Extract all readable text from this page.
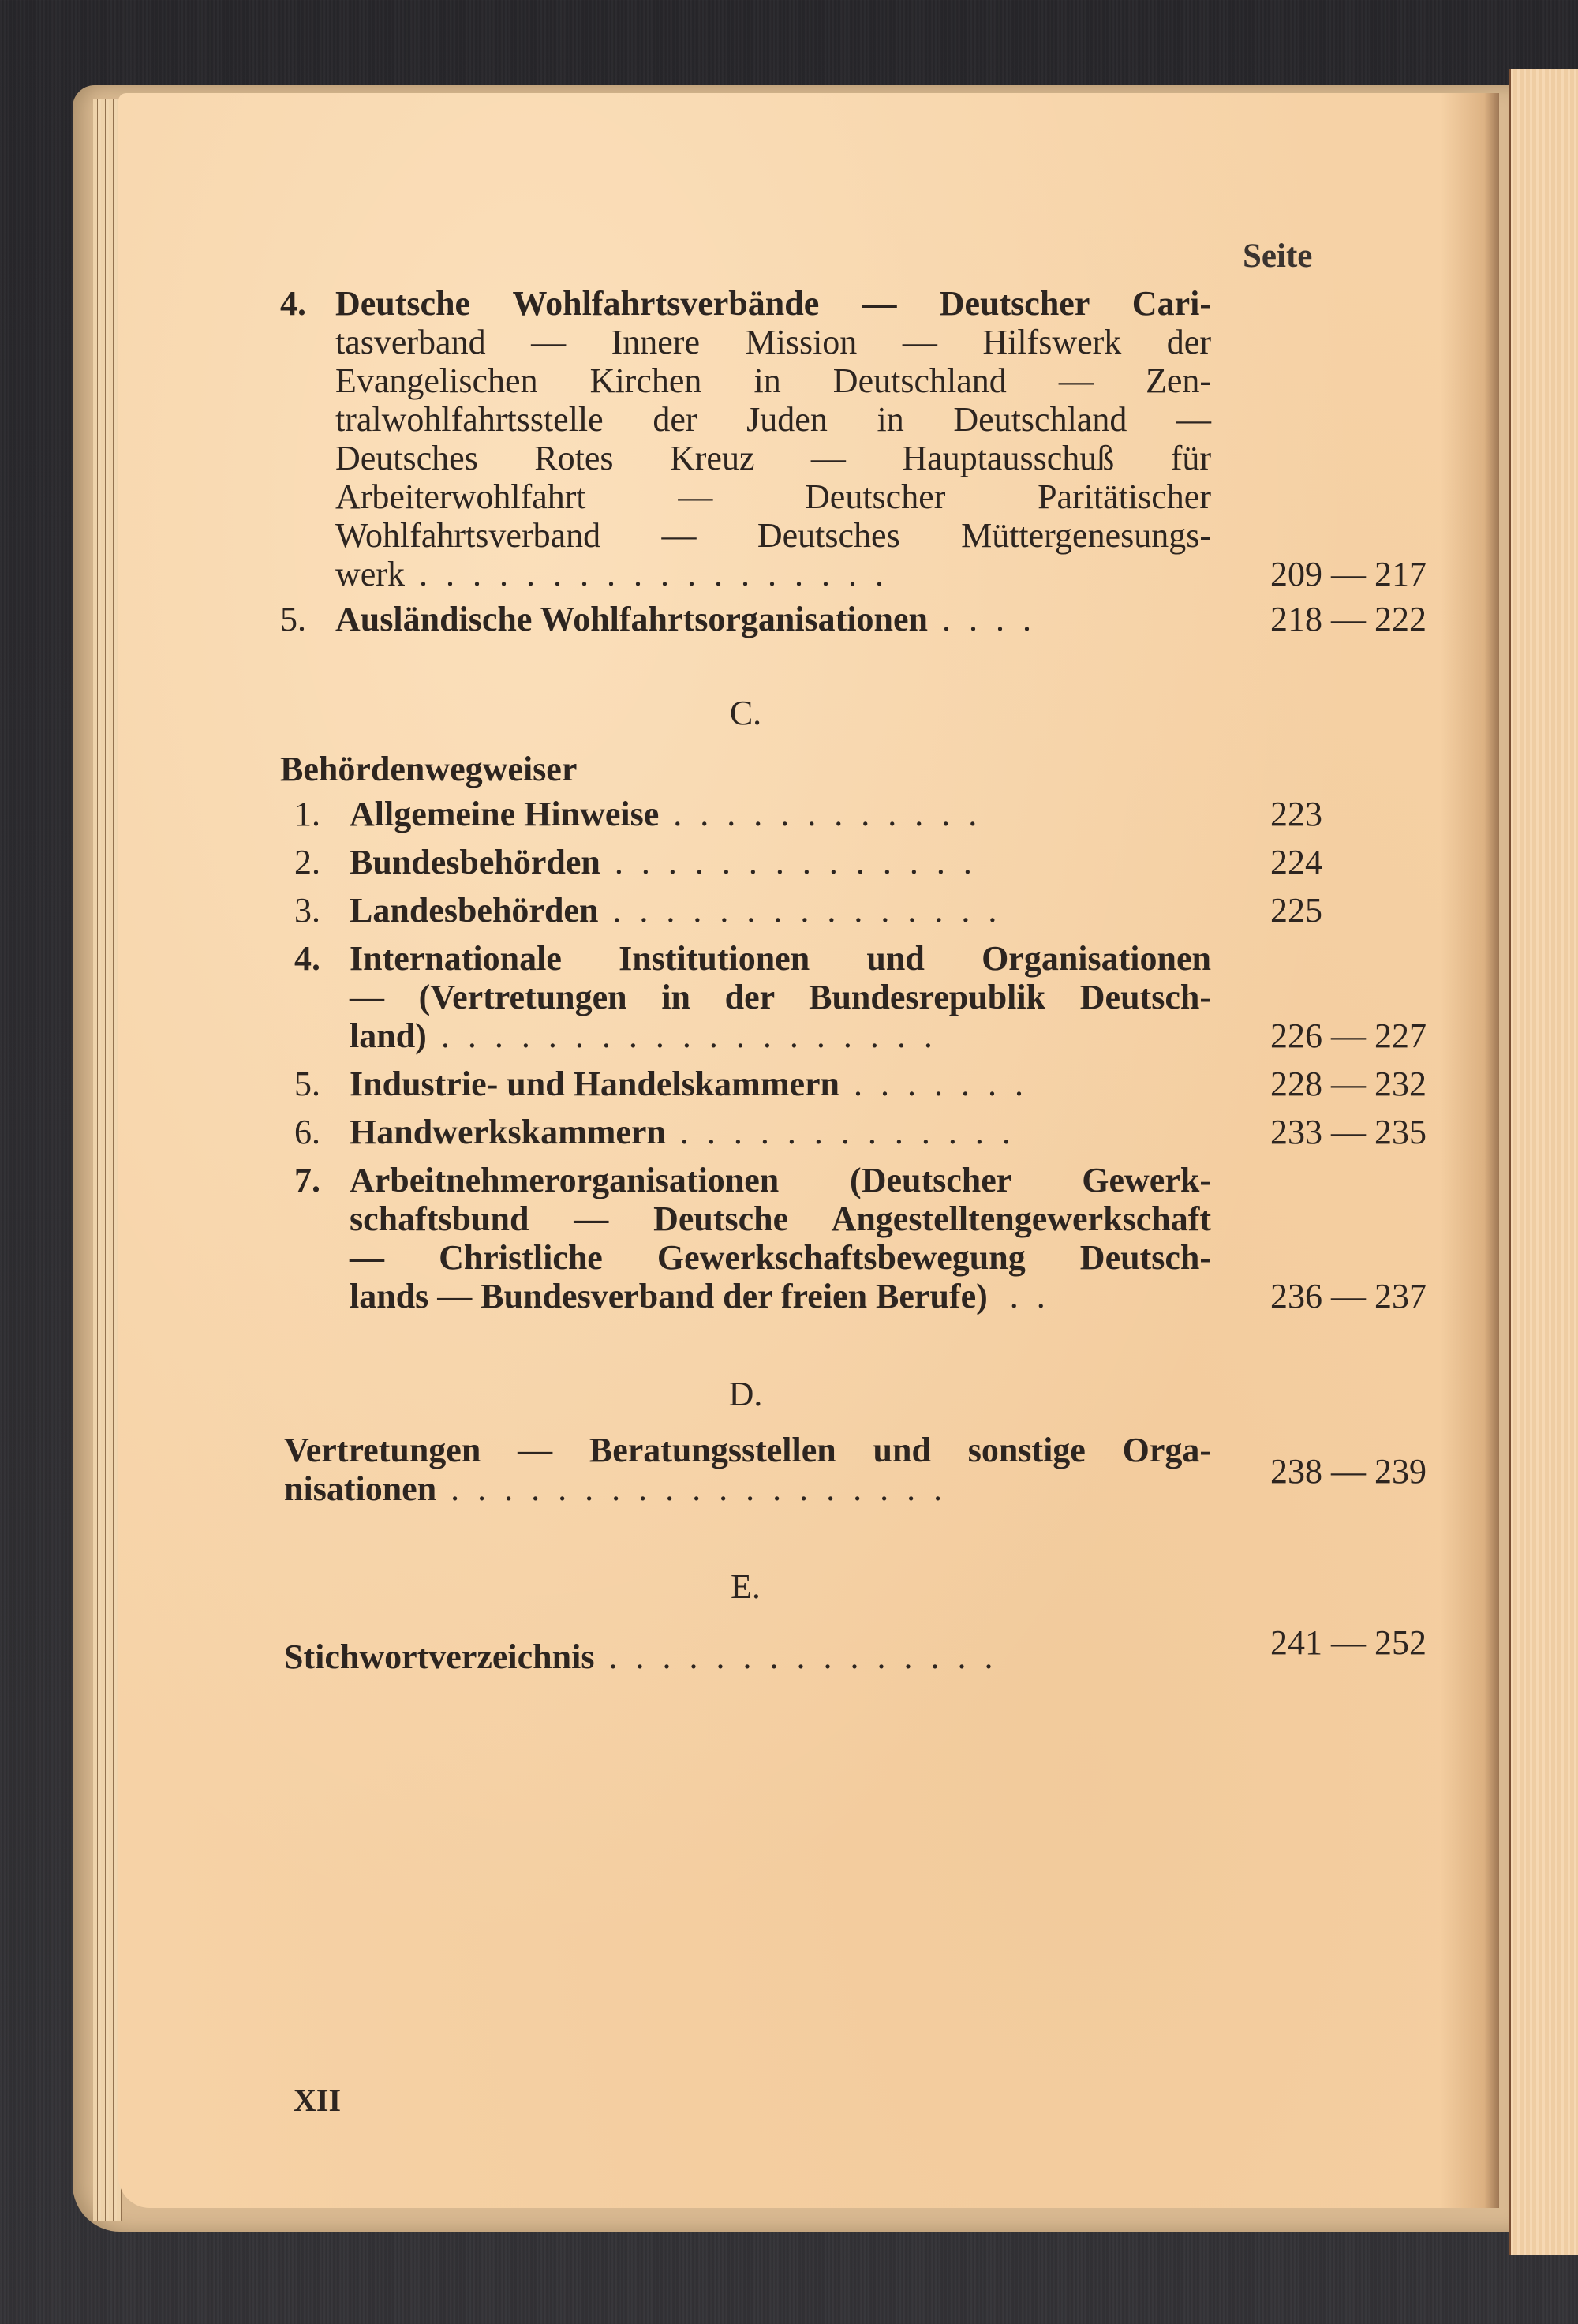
Seite
4. Deutsche Wohlfahrtsverbände — Deutscher Cari-
tasverband — Innere Mission — Hilfswerk der
Evangelischen Kirchen in Deutschland — Zen-
tralwohlfahrtsstelle der Juden in Deutschland —
Deutsches Rotes Kreuz — Hauptausschuß für
Arbeiterwohlfahrt — Deutscher Paritätischer
Wohlfahrtsverband — Deutsches Müttergenesungs-
werk . . . . . . . . . . . . . . . . . .	209 — 217
5. Ausländische Wohlfahrtsorganisationen . . . .	218 — 222
C.
Behördenwegweiser
1. Allgemeine Hinweise . . . . . . . . . . . .	223
2. Bundesbehörden . . . . . . . . . . . . . .	224
3. Landesbehörden . . . . . . . . . . . . . . .	225
4. Internationale Institutionen und Organisationen
— (Vertretungen in der Bundesrepublik Deutsch-
land) . . . . . . . . . . . . . . . . . . .	226 — 227
5. Industrie- und Handelskammern . . . . . . .	228 — 232
6. Handwerkskammern . . . . . . . . . . . . .	233 — 235
7. Arbeitnehmerorganisationen (Deutscher Gewerk-
schaftsbund — Deutsche Angestelltengewerkschaft
— Christliche Gewerkschaftsbewegung Deutsch-
lands — Bundesverband der freien Berufe) . .	236 — 237
D.
Vertretungen — Beratungsstellen und sonstige Orga-
nisationen . . . . . . . . . . . . . . . . . . .	238 — 239
E.
Stichwortverzeichnis . . . . . . . . . . . . . . .	241 — 252
XII
